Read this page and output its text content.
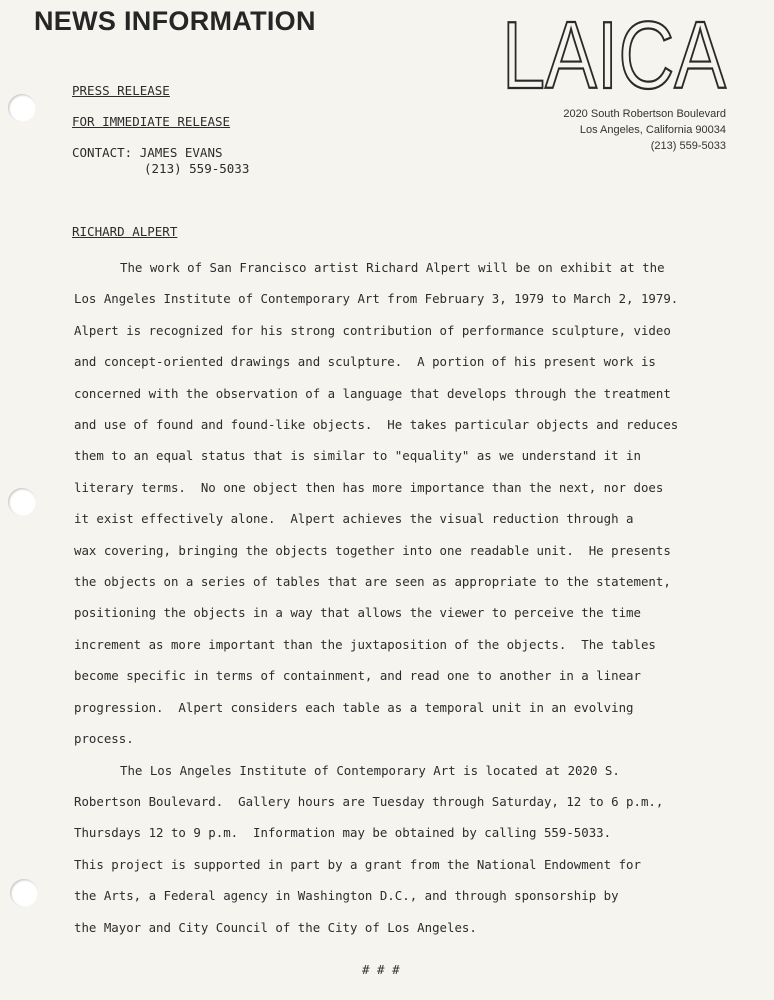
NEWS INFORMATION LAICA
2020 South Robertson Boulevard
Los Angeles, California 90034
(213) 559-5033
PRESS RELEASE
FOR IMMEDIATE RELEASE
CONTACT: JAMES EVANS
(213) 559-5033
RICHARD ALPERT
The work of San Francisco artist Richard Alpert will be on exhibit at the
Los Angeles Institute of Contemporary Art from February 3, 1979 to March 2, 1979.
Alpert is recognized for his strong contribution of performance sculpture, video
and concept-oriented drawings and sculpture.  A portion of his present work is
concerned with the observation of a language that develops through the treatment
and use of found and found-like objects.  He takes particular objects and reduces
them to an equal status that is similar to "equality" as we understand it in
literary terms.  No one object then has more importance than the next, nor does
it exist effectively alone.  Alpert achieves the visual reduction through a
wax covering, bringing the objects together into one readable unit.  He presents
the objects on a series of tables that are seen as appropriate to the statement,
positioning the objects in a way that allows the viewer to perceive the time
increment as more important than the juxtaposition of the objects.  The tables
become specific in terms of containment, and read one to another in a linear
progression.  Alpert considers each table as a temporal unit in an evolving
process.
The Los Angeles Institute of Contemporary Art is located at 2020 S.
Robertson Boulevard.  Gallery hours are Tuesday through Saturday, 12 to 6 p.m.,
Thursdays 12 to 9 p.m.  Information may be obtained by calling 559-5033.
This project is supported in part by a grant from the National Endowment for
the Arts, a Federal agency in Washington D.C., and through sponsorship by
the Mayor and City Council of the City of Los Angeles.
# # #
